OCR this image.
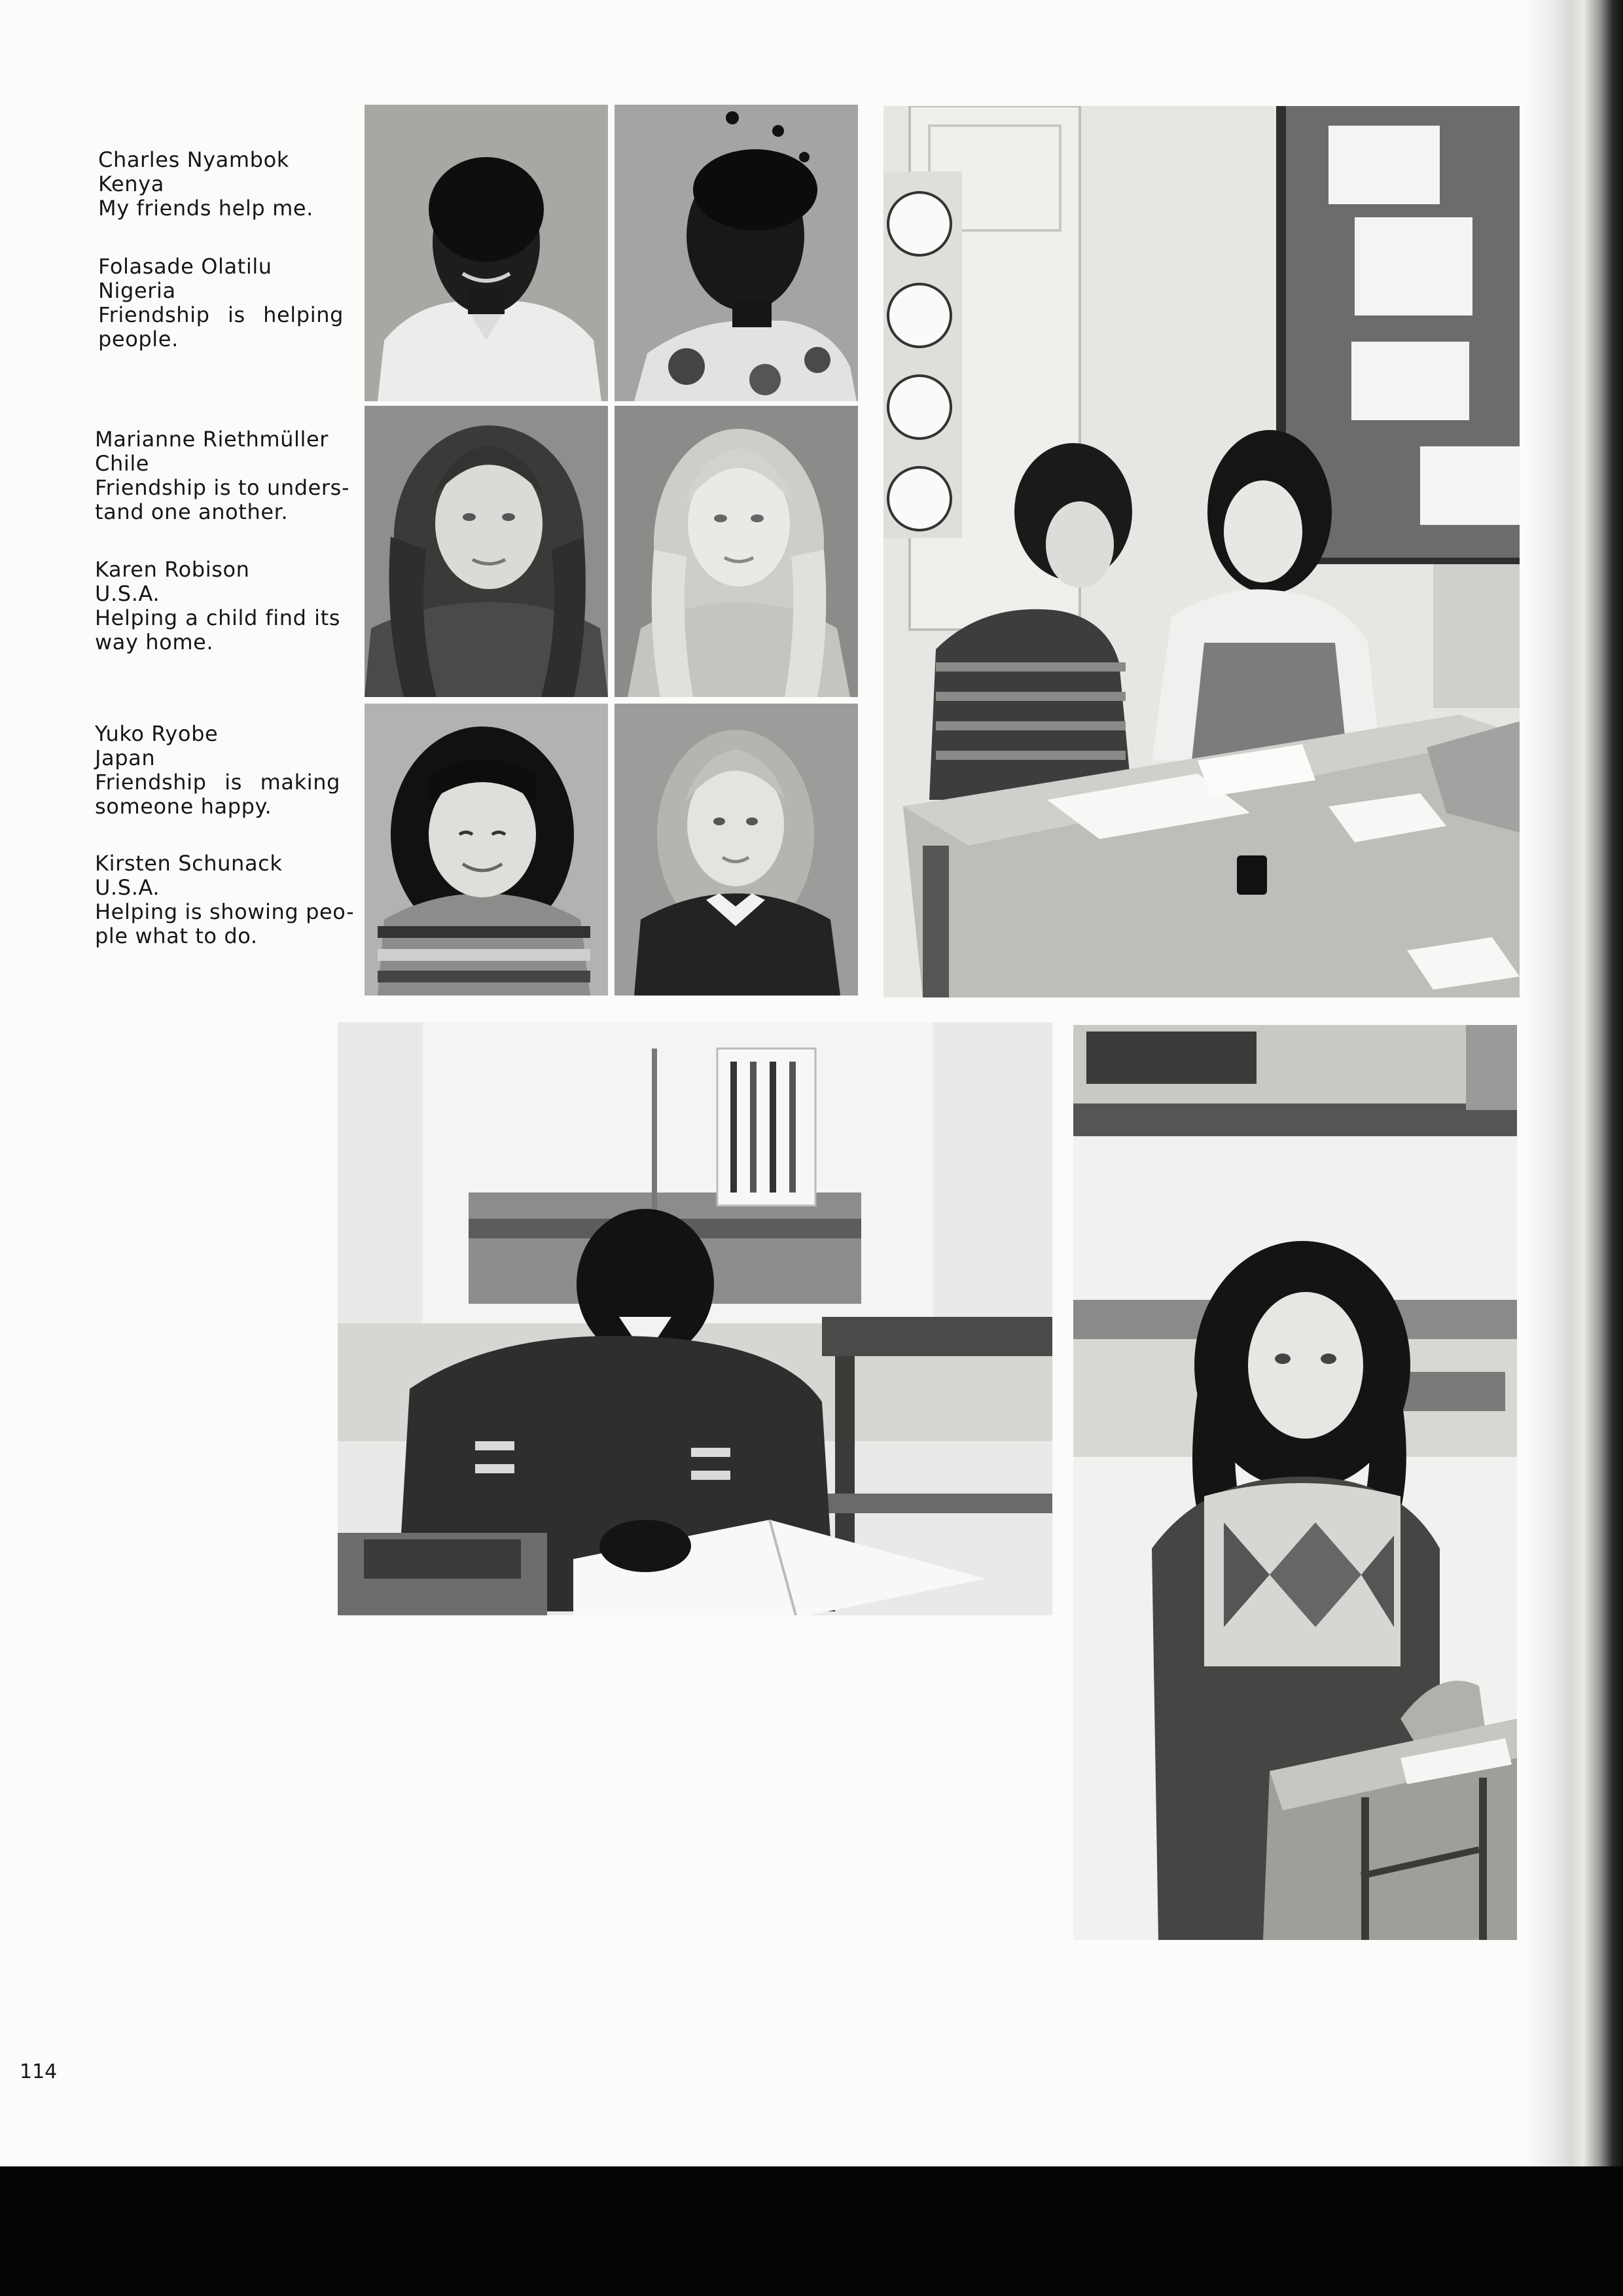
Charles Nyambok
Kenya
My friends help me.
Folasade Olatilu
Nigeria
Friendship is helping
people.
Marianne Riethmüller
Chile
Friendship is to unders-
tand one another.
Karen Robison
U.S.A.
Helping a child find its
way home.
Yuko Ryobe
Japan
Friendship is making
someone happy.
Kirsten Schunack
U.S.A.
Helping is showing peo-
ple what to do.
114
